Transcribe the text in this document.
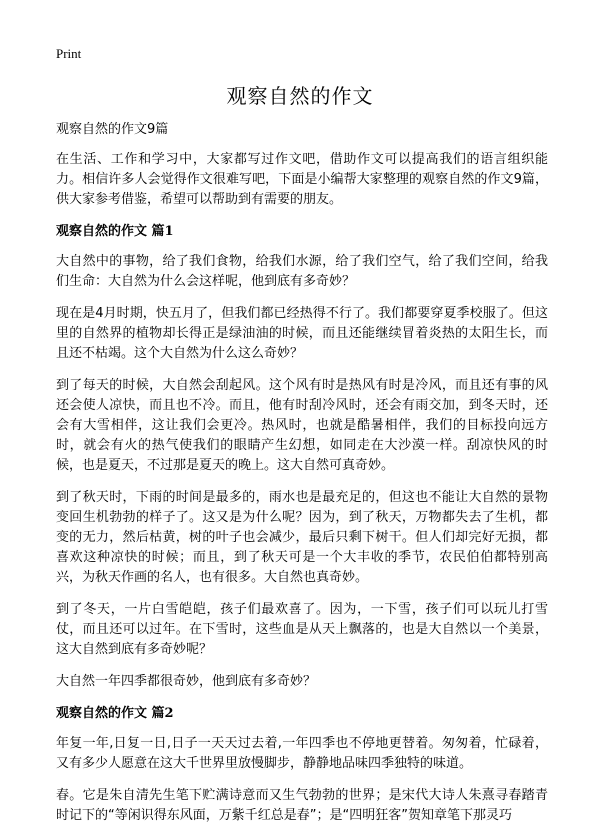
Print
观察自然的作文

观察自然的作文9篇

在生活、工作和学习中，大家都写过作文吧，借助作文可以提高我们的语言组织能力。相信许多人会觉得作文很难写吧，下面是小编帮大家整理的观察自然的作文9篇，供大家参考借鉴，希望可以帮助到有需要的朋友。

观察自然的作文 篇1

大自然中的事物，给了我们食物，给我们水源，给了我们空气，给了我们空间，给我们生命：大自然为什么会这样呢，他到底有多奇妙？

现在是4月时期，快五月了，但我们都已经热得不行了。我们都要穿夏季校服了。但这里的自然界的植物却长得正是绿油油的时候，而且还能继续冒着炎热的太阳生长，而且还不枯竭。这个大自然为什么这么奇妙？

到了每天的时候，大自然会刮起风。这个风有时是热风有时是冷风，而且还有事的风还会使人凉快，而且也不冷。而且，他有时刮冷风时，还会有雨交加，到冬天时，还会有大雪相伴，这让我们会更冷。热风时，也就是酷暑相伴，我们的目标投向远方时，就会有火的热气使我们的眼睛产生幻想，如同走在大沙漠一样。刮凉快风的时候，也是夏天，不过那是夏天的晚上。这大自然可真奇妙。

到了秋天时，下雨的时间是最多的，雨水也是最充足的，但这也不能让大自然的景物变回生机勃勃的样子了。这又是为什么呢？因为，到了秋天，万物都失去了生机，都变的无力，然后枯黄，树的叶子也会减少，最后只剩下树干。但人们却完好无损，都喜欢这种凉快的时候；而且，到了秋天可是一个大丰收的季节，农民伯伯都特别高兴，为秋天作画的名人，也有很多。大自然也真奇妙。

到了冬天，一片白雪皑皑，孩子们最欢喜了。因为，一下雪，孩子们可以玩儿打雪仗，而且还可以过年。在下雪时，这些血是从天上飘落的，也是大自然以一个美景，这大自然到底有多奇妙呢？

大自然一年四季都很奇妙，他到底有多奇妙？

观察自然的作文 篇2

年复一年,日复一日,日子一天天过去着,一年四季也不停地更替着。匆匆着，忙碌着，又有多少人愿意在这大千世界里放慢脚步，静静地品味四季独特的味道。

春。它是朱自清先生笔下贮满诗意而又生气勃勃的世界；是宋代大诗人朱熹寻春踏青时记下的“等闲识得东风面，万紫千红总是春”；是“四明狂客”贺知章笔下那灵巧
